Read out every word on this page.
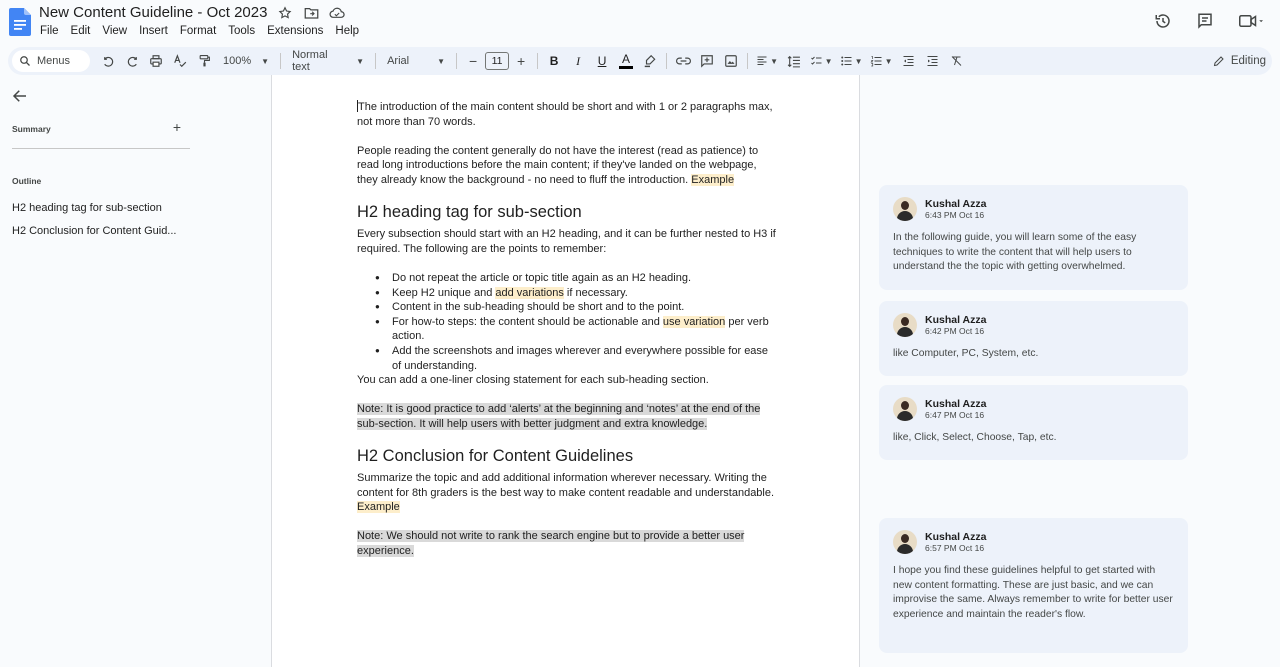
New Content Guideline - Oct 2023
File Edit View Insert Format Tools Extensions Help
Menus	100% ▼ Normal text	▼ Arial	▼	−	11	+	B	I	U	A	▼	▼	▼	▼	Editing
Summary	+
Outline
H2 heading tag for sub-section
H2 Conclusion for Content Guid...

The introduction of the main content should be short and with 1 or 2 paragraphs max, not more than 70 words.

People reading the content generally do not have the interest (read as patience) to read long introductions before the main content; if they've landed on the webpage, they already know the background - no need to fluff the introduction. Example

H2 heading tag for sub-section
Every subsection should start with an H2 heading, and it can be further nested to H3 if required. The following are the points to remember:
● Do not repeat the article or topic title again as an H2 heading.
● Keep H2 unique and add variations if necessary.
● Content in the sub-heading should be short and to the point.
● For how-to steps: the content should be actionable and use variation per verb action.
● Add the screenshots and images wherever and everywhere possible for ease of understanding.

You can add a one-liner closing statement for each sub-heading section.

Note: It is good practice to add ‘alerts’ at the beginning and ‘notes’ at the end of the sub-section. It will help users with better judgment and extra knowledge.

H2 Conclusion for Content Guidelines

Summarize the topic and add additional information wherever necessary. Writing the content for 8th graders is the best way to make content readable and understandable. Example

Note: We should not write to rank the search engine but to provide a better user experience.

Kushal Azza
6:43 PM Oct 16
In the following guide, you will learn some of the easy techniques to write the content that will help users to understand the the topic with getting overwhelmed.
Kushal Azza
6:42 PM Oct 16
like Computer, PC, System, etc.
Kushal Azza
6:47 PM Oct 16
like, Click, Select, Choose, Tap, etc.
Kushal Azza
6:57 PM Oct 16
I hope you find these guidelines helpful to get started with new content formatting. These are just basic, and we can improvise the same. Always remember to write for better user experience and maintain the reader's flow.
